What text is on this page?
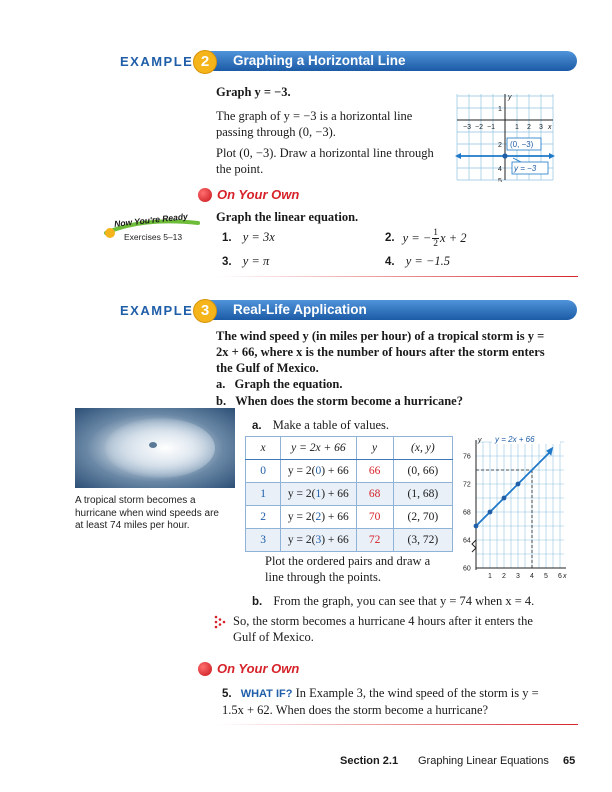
EXAMPLE	Graphing a Horizontal Line
2
Graph y = −3.
The graph of y = −3 is a horizontal line passing through (0, −3).
Plot (0, −3). Draw a horizontal line through the point.
y
x
−3 −2 −1	1 2 3
1
2
4
5
(0, −3)
y = −3
On Your Own
Now You're Ready
Exercises 5–13
Graph the linear equation.
1. y = 3x	2. y = − $\frac{1}{2}$ x + 2
3. y = π	4. y = −1.5
EXAMPLE	Real-Life Application
3
The wind speed y (in miles per hour) of a tropical storm is y = 2x + 66, where x is the number of hours after the storm enters the Gulf of Mexico.
a. Graph the equation.
b. When does the storm become a hurricane?
A tropical storm becomes a hurricane when wind speeds are at least 74 miles per hour.
a. Make a table of values.
x	y = 2x + 66	y	(x, y)
0	y = 2(0) + 66	66	(0, 66)
1	y = 2(1) + 66	68	(1, 68)
2	y = 2(2) + 66	70	(2, 70)
3	y = 2(3) + 66	72	(3, 72)
Plot the ordered pairs and draw a line through the points.
y
x
76
72
68
64
60
1 2 3 4 5 6
y = 2x + 66
b. From the graph, you can see that y = 74 when x = 4.
So, the storm becomes a hurricane 4 hours after it enters the Gulf of Mexico.
On Your Own
5. WHAT IF? In Example 3, the wind speed of the storm is y = 1.5x + 62. When does the storm become a hurricane?
Section 2.1 Graphing Linear Equations 65
